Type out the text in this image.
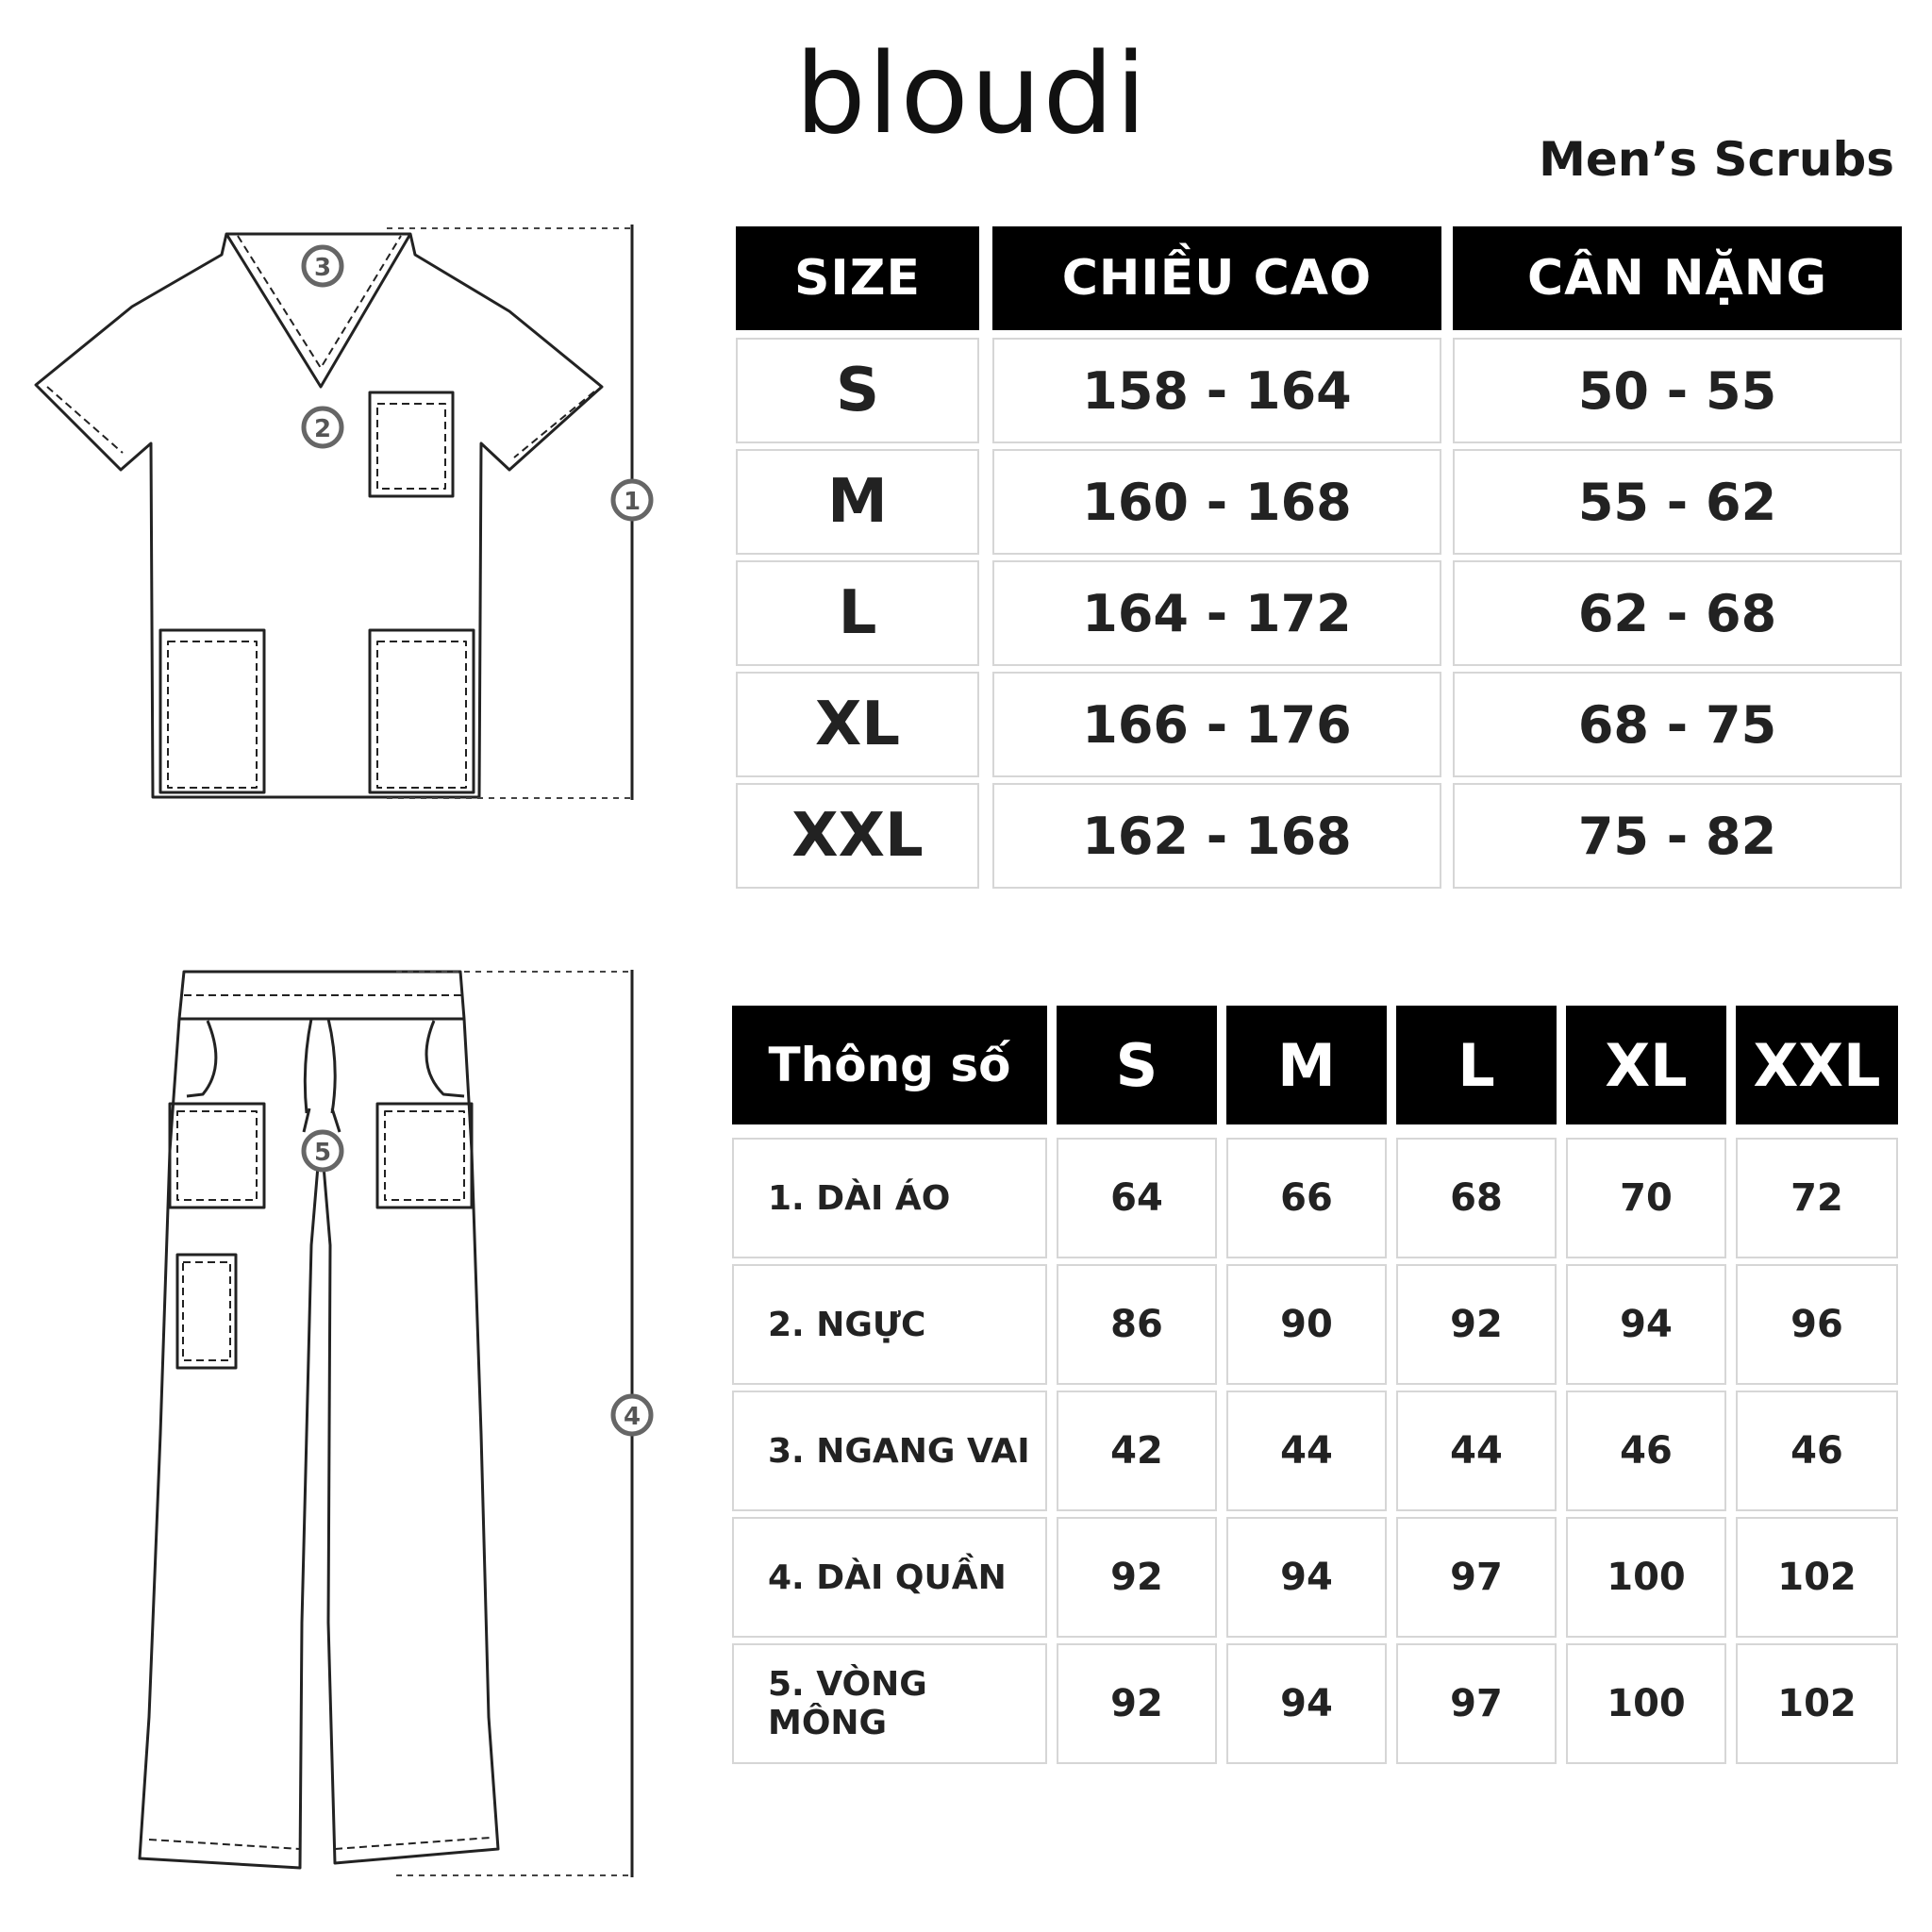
bloudi
Men’s Scrubs
3
2
1
5
4
SIZE	CHIỀU CAO	CÂN NẶNG
S	158 - 164	50 - 55
M	160 - 168	55 - 62
L	164 - 172	62 - 68
XL	166 - 176	68 - 75
XXL	162 - 168	75 - 82
Thông số	S	M	L	XL	XXL
1. DÀI ÁO	64	66	68	70	72
2. NGỰC	86	90	92	94	96
3. NGANG VAI	42	44	44	46	46
4. DÀI QUẦN	92	94	97	100	102
5. VÒNG MÔNG	92	94	97	100	102
